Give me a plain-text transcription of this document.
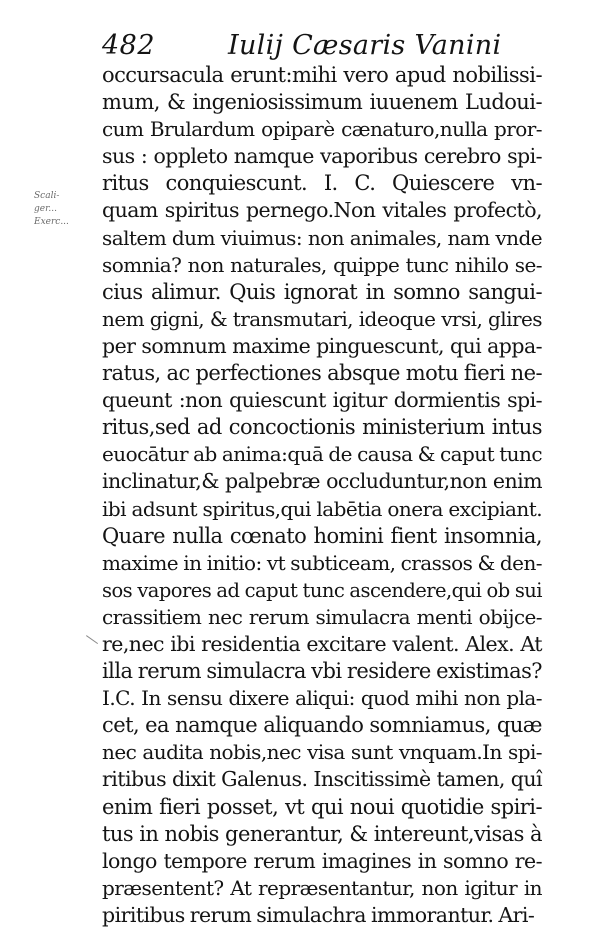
482	Iulij Cæsaris Vanini
Scali-
ger...
Exerc...
occursacula erunt:mihi vero apud nobilissi-
mum, & ingeniosissimum iuuenem Ludoui-
cum Brulardum opiparè cænaturo,nulla pror-
sus : oppleto namque vaporibus cerebro spi-
ritus conquiescunt. I. C. Quiescere vn-
quam spiritus pernego.Non vitales profectò,
saltem dum viuimus: non animales, nam vnde
somnia? non naturales, quippe tunc nihilo se-
cius alimur. Quis ignorat in somno sangui-
nem gigni, & transmutari, ideoque vrsi, glires
per somnum maxime pinguescunt, qui appa-
ratus, ac perfectiones absque motu fieri ne-
queunt :non quiescunt igitur dormientis spi-
ritus,sed ad concoctionis ministerium intus
euocātur ab anima:quā de causa & caput tunc
inclinatur,& palpebræ occluduntur,non enim
ibi adsunt spiritus,qui labētia onera excipiant.
Quare nulla cœnato homini fient insomnia,
maxime in initio: vt subticeam, crassos & den-
sos vapores ad caput tunc ascendere,qui ob sui
crassitiem nec rerum simulacra menti obijce-
re,nec ibi residentia excitare valent. Alex. At
illa rerum simulacra vbi residere existimas?
I.C. In sensu dixere aliqui: quod mihi non pla-
cet, ea namque aliquando somniamus, quæ
nec audita nobis,nec visa sunt vnquam.In spi-
ritibus dixit Galenus. Inscitissimè tamen, quî
enim fieri posset, vt qui noui quotidie spiri-
tus in nobis generantur, & intereunt,visas à
longo tempore rerum imagines in somno re-
præsentent? At repræsentantur, non igitur in
piritibus rerum simulachra immorantur. Ari-
